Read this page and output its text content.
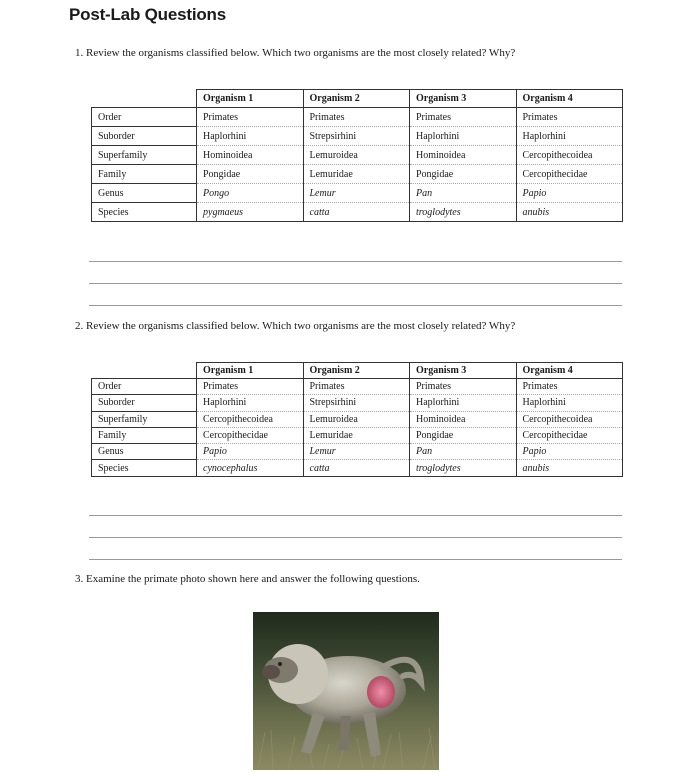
Post-Lab Questions
1. Review the organisms classified below. Which two organisms are the most closely related? Why?
	Organism 1	Organism 2	Organism 3	Organism 4
Order	Primates	Primates	Primates	Primates
Suborder	Haplorhini	Strepsirhini	Haplorhini	Haplorhini
Superfamily	Hominoidea	Lemuroidea	Hominoidea	Cercopithecoidea
Family	Pongidae	Lemuridae	Pongidae	Cercopithecidae
Genus	Pongo	Lemur	Pan	Papio
Species	pygmaeus	catta	troglodytes	anubis
2. Review the organisms classified below. Which two organisms are the most closely related? Why?
	Organism 1	Organism 2	Organism 3	Organism 4
Order	Primates	Primates	Primates	Primates
Suborder	Haplorhini	Strepsirhini	Haplorhini	Haplorhini
Superfamily	Cercopithecoidea	Lemuroidea	Hominoidea	Cercopithecoidea
Family	Cercopithecidae	Lemuridae	Pongidae	Cercopithecidae
Genus	Papio	Lemur	Pan	Papio
Species	cynocephalus	catta	troglodytes	anubis
3. Examine the primate photo shown here and answer the following questions.
